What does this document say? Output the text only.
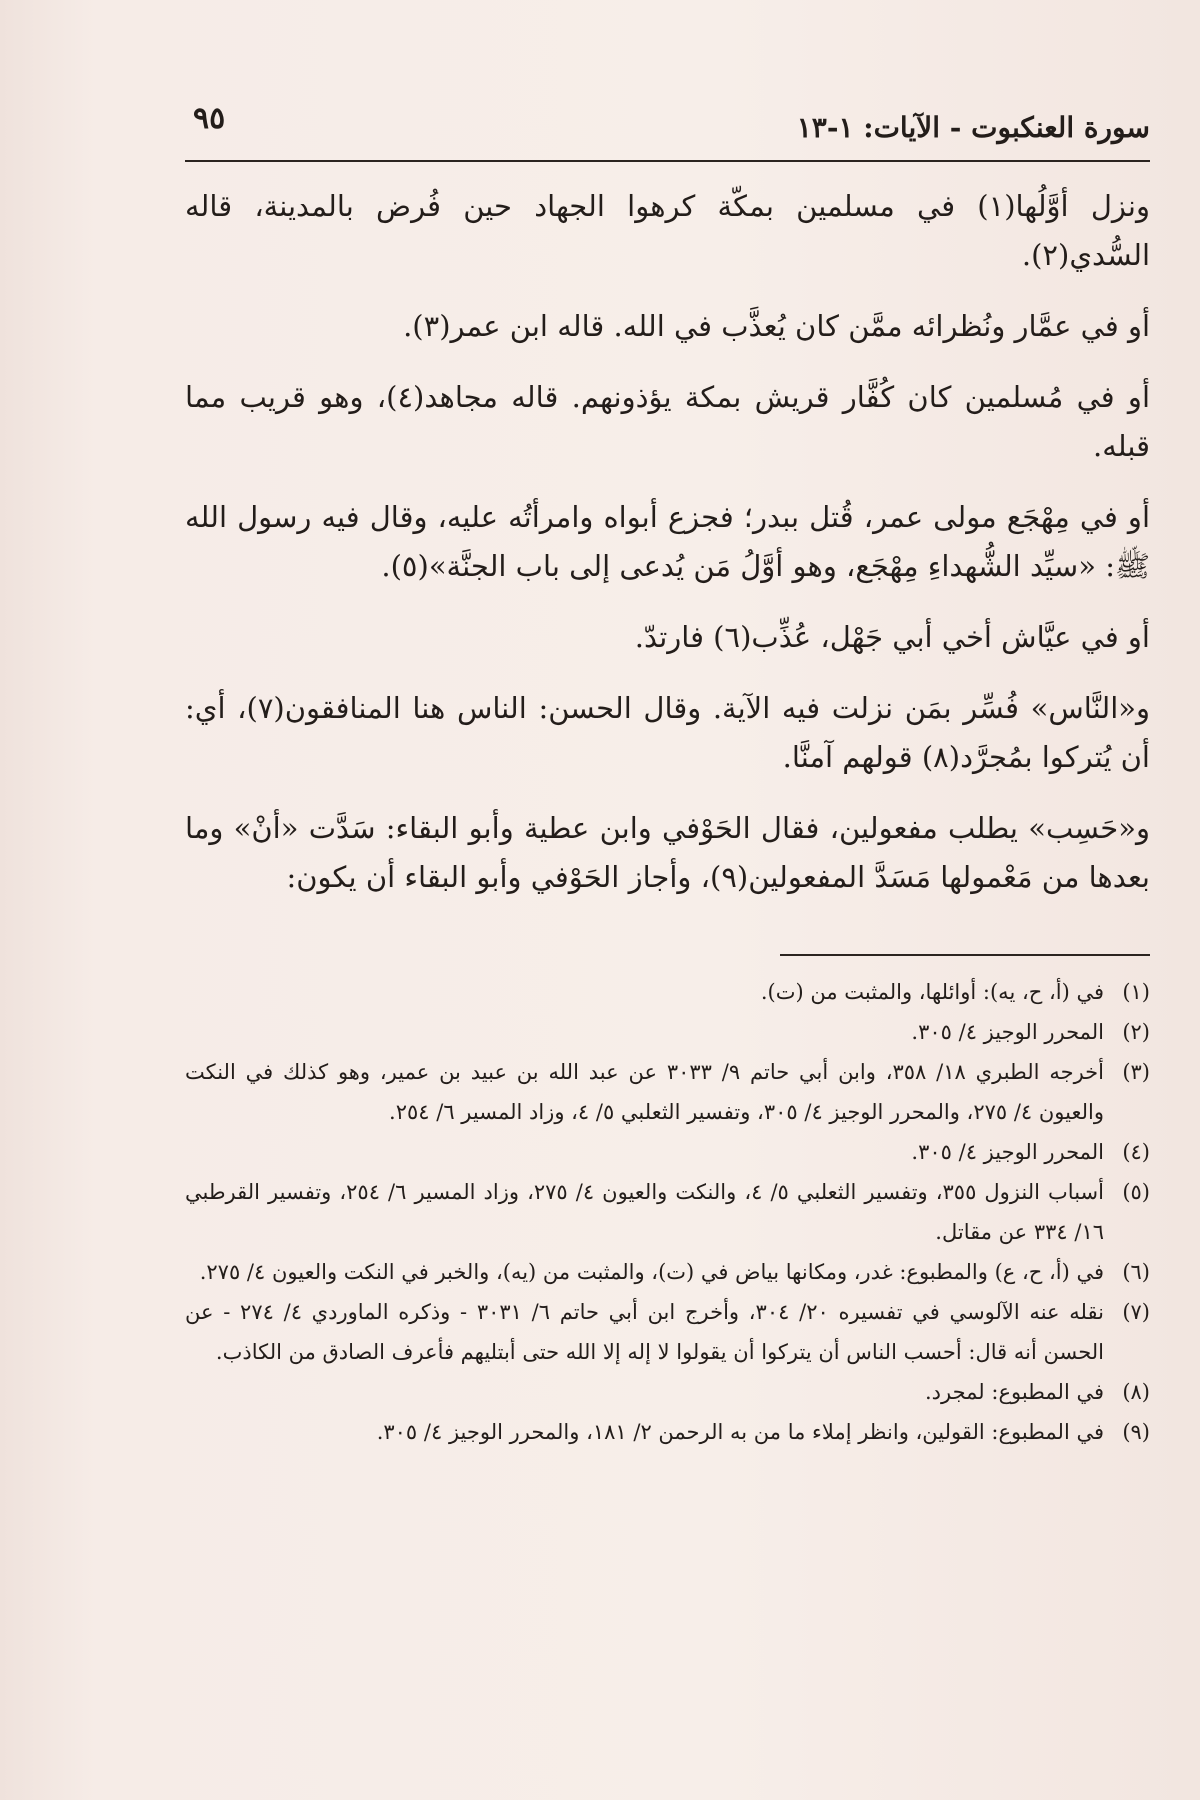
سورة العنكبوت - الآيات: ١-١٣
٩٥

ونزل أوَّلُها(١) في مسلمين بمكّة كرهوا الجهاد حين فُرض بالمدينة، قاله السُّدي(٢).

أو في عمَّار ونُظرائه ممَّن كان يُعذَّب في الله. قاله ابن عمر(٣).

أو في مُسلمين كان كُفَّار قريش بمكة يؤذونهم. قاله مجاهد(٤)، وهو قريب مما قبله.

أو في مِهْجَع مولى عمر، قُتل ببدر؛ فجزع أبواه وامرأتُه عليه، وقال فيه رسول الله ﷺ: «سيِّد الشُّهداءِ مِهْجَع، وهو أوَّلُ مَن يُدعى إلى باب الجنَّة»(٥).

أو في عيَّاش أخي أبي جَهْل، عُذِّب(٦) فارتدّ.

و«النَّاس» فُسِّر بمَن نزلت فيه الآية. وقال الحسن: الناس هنا المنافقون(٧)، أي: أن يُتركوا بمُجرَّد(٨) قولهم آمنَّا.

و«حَسِب» يطلب مفعولين، فقال الحَوْفي وابن عطية وأبو البقاء: سَدَّت «أنْ» وما بعدها من مَعْمولها مَسَدَّ المفعولين(٩)، وأجاز الحَوْفي وأبو البقاء أن يكون:

(١)
في (أ، ح، يه): أوائلها، والمثبت من (ت).
(٢)
المحرر الوجيز ٤/ ٣٠٥.
(٣)
أخرجه الطبري ١٨/ ٣٥٨، وابن أبي حاتم ٩/ ٣٠٣٣ عن عبد الله بن عبيد بن عمير، وهو كذلك في النكت والعيون ٤/ ٢٧٥، والمحرر الوجيز ٤/ ٣٠٥، وتفسير الثعلبي ٥/ ٤، وزاد المسير ٦/ ٢٥٤.
(٤)
المحرر الوجيز ٤/ ٣٠٥.
(٥)
أسباب النزول ٣٥٥، وتفسير الثعلبي ٥/ ٤، والنكت والعيون ٤/ ٢٧٥، وزاد المسير ٦/ ٢٥٤، وتفسير القرطبي ١٦/ ٣٣٤ عن مقاتل.
(٦)
في (أ، ح، ع) والمطبوع: غدر، ومكانها بياض في (ت)، والمثبت من (يه)، والخبر في النكت والعيون ٤/ ٢٧٥.
(٧)
نقله عنه الآلوسي في تفسيره ٢٠/ ٣٠٤، وأخرج ابن أبي حاتم ٦/ ٣٠٣١ - وذكره الماوردي ٤/ ٢٧٤ - عن الحسن أنه قال: أحسب الناس أن يتركوا أن يقولوا لا إله إلا الله حتى أبتليهم فأعرف الصادق من الكاذب.
(٨)
في المطبوع: لمجرد.
(٩)
في المطبوع: القولين، وانظر إملاء ما من به الرحمن ٢/ ١٨١، والمحرر الوجيز ٤/ ٣٠٥.
